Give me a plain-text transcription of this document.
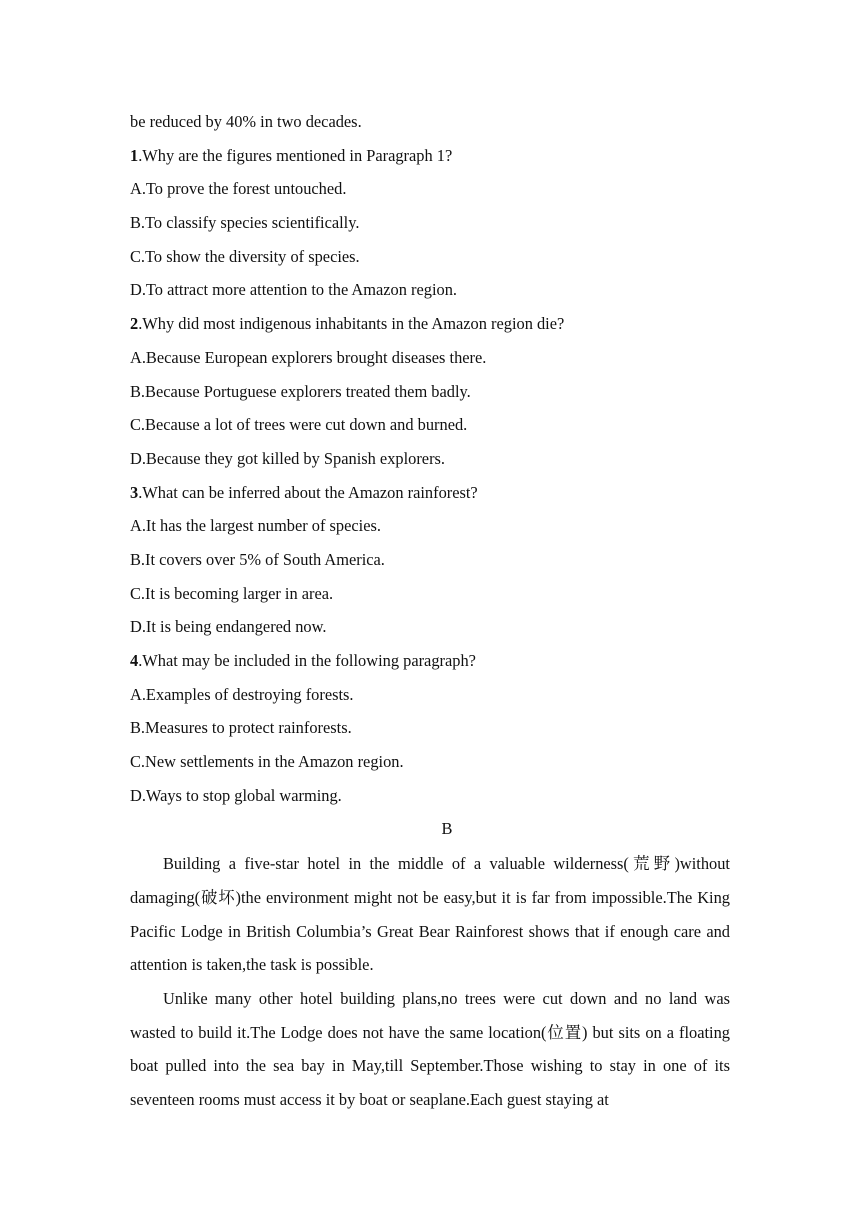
be reduced by 40% in two decades.
1.Why are the figures mentioned in Paragraph 1?
A.To prove the forest untouched.
B.To classify species scientifically.
C.To show the diversity of species.
D.To attract more attention to the Amazon region.
2.Why did most indigenous inhabitants in the Amazon region die?
A.Because European explorers brought diseases there.
B.Because Portuguese explorers treated them badly.
C.Because a lot of trees were cut down and burned.
D.Because they got killed by Spanish explorers.
3.What can be inferred about the Amazon rainforest?
A.It has the largest number of species.
B.It covers over 5% of South America.
C.It is becoming larger in area.
D.It is being endangered now.
4.What may be included in the following paragraph?
A.Examples of destroying forests.
B.Measures to protect rainforests.
C.New settlements in the Amazon region.
D.Ways to stop global warming.
B

Building a five-star hotel in the middle of a valuable wilderness(荒野)without damaging(破坏)the environment might not be easy,but it is far from impossible.The King Pacific Lodge in British Columbia’s Great Bear Rainforest shows that if enough care and attention is taken,the task is possible.

Unlike many other hotel building plans,no trees were cut down and no land was wasted to build it.The Lodge does not have the same location(位置) but sits on a floating boat pulled into the sea bay in May,till September.Those wishing to stay in one of its seventeen rooms must access it by boat or seaplane.Each guest staying at
